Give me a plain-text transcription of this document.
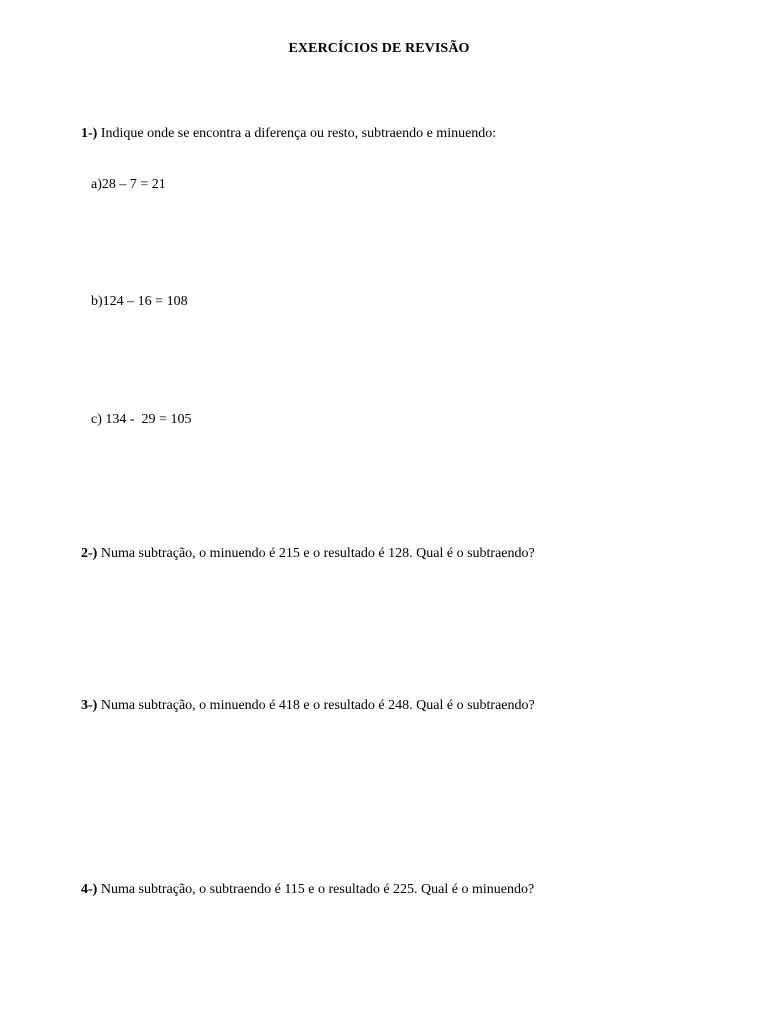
EXERCÍCIOS DE REVISÃO

1-) Indique onde se encontra a diferença ou resto, subtraendo e minuendo:

a)28 – 7 = 21

b)124 – 16 = 108

c) 134 -  29 = 105

2-) Numa subtração, o minuendo é 215 e o resultado é 128. Qual é o subtraendo?

3-) Numa subtração, o minuendo é 418 e o resultado é 248. Qual é o subtraendo?

4-) Numa subtração, o subtraendo é 115 e o resultado é 225. Qual é o minuendo?
